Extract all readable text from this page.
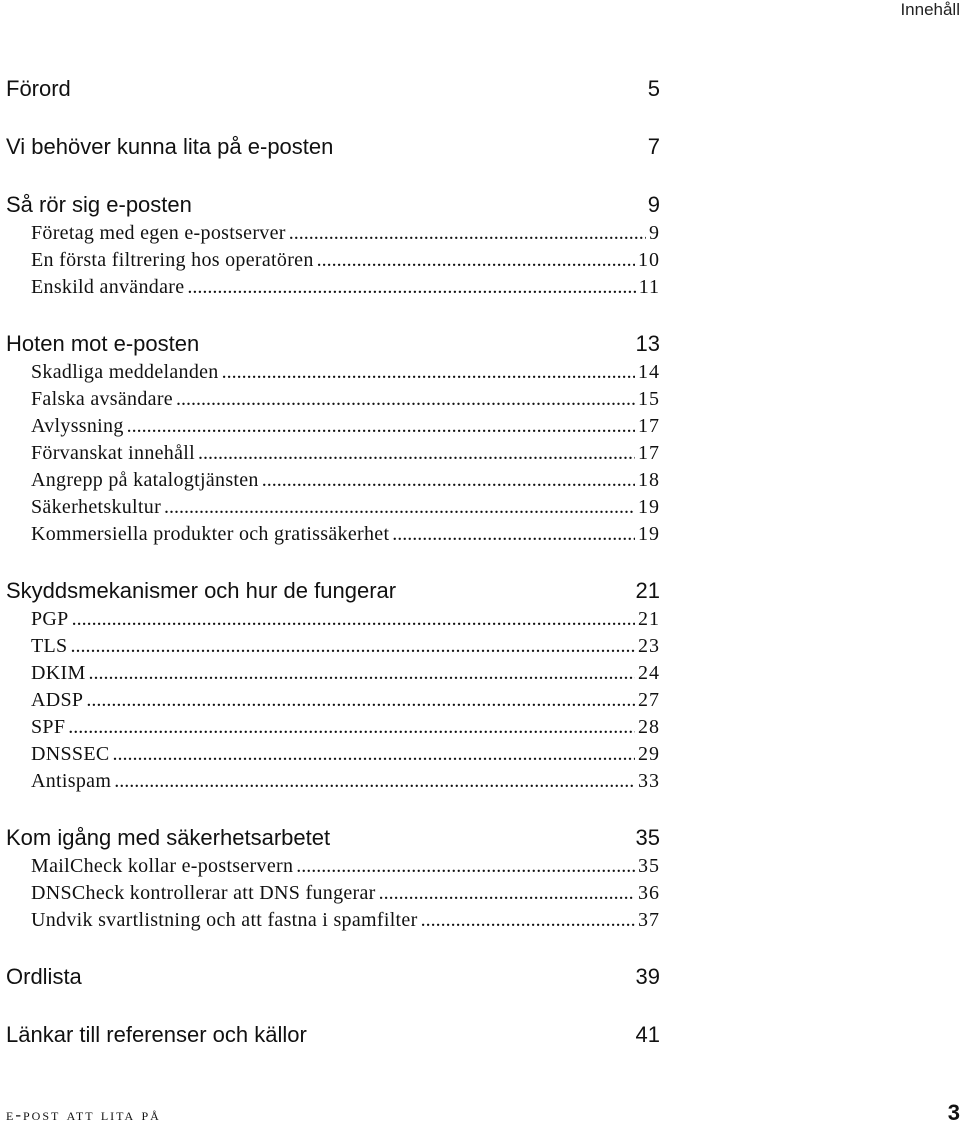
Innehåll
Förord	5
Vi behöver kunna lita på e-posten	7
Så rör sig e-posten	9
Företag med egen e-postserver .....	9
En första filtrering hos operatören .....	10
Enskild användare .....	11
Hoten mot e-posten	13
Skadliga meddelanden .....	14
Falska avsändare .....	15
Avlyssning .....	17
Förvanskat innehåll .....	17
Angrepp på katalogtjänsten .....	18
Säkerhetskultur .....	19
Kommersiella produkter och gratissäkerhet .....	19
Skyddsmekanismer och hur de fungerar	21
PGP .....	21
TLS .....	23
DKIM .....	24
ADSP .....	27
SPF .....	28
DNSSEC .....	29
Antispam .....	33
Kom igång med säkerhetsarbetet	35
MailCheck kollar e-postservern .....	35
DNSCheck kontrollerar att DNS fungerar .....	36
Undvik svartlistning och att fastna i spamfilter .....	37
Ordlista	39
Länkar till referenser och källor	41
e-post att lita på	3
